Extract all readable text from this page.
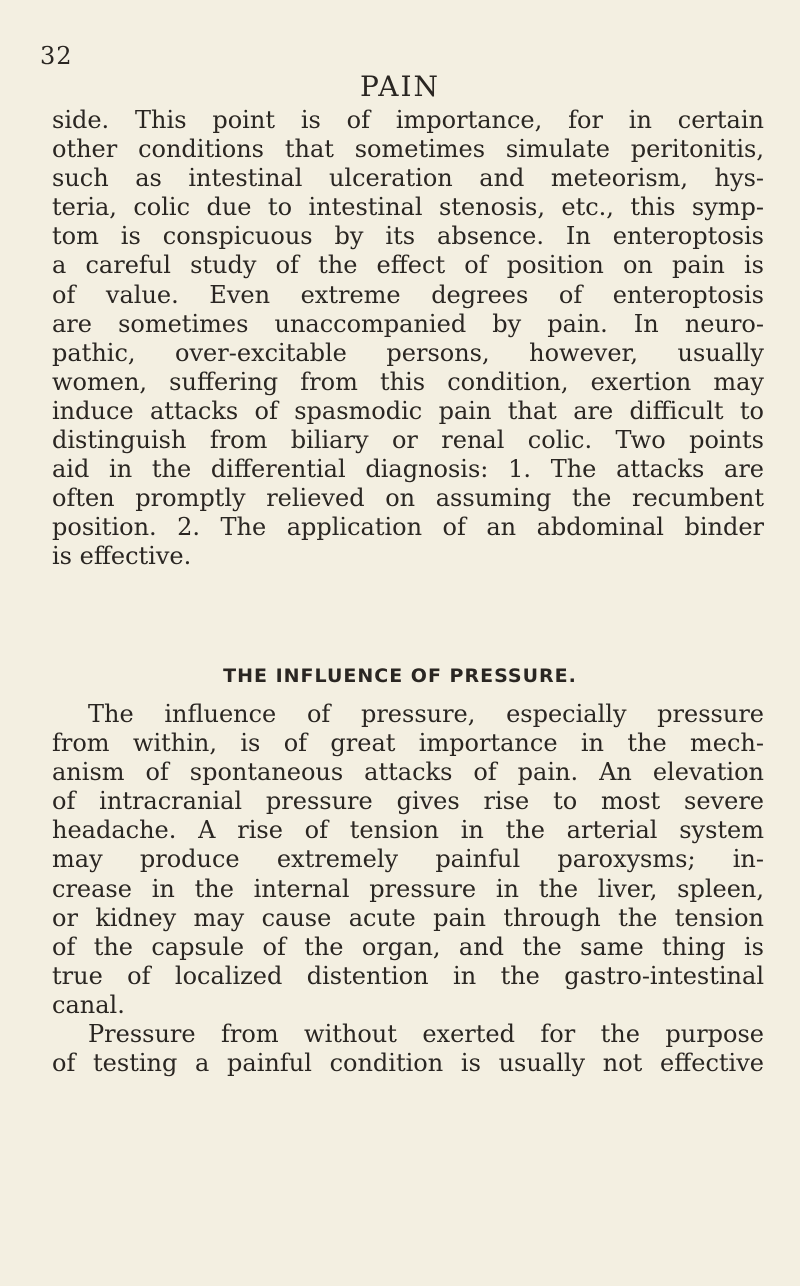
32
PAIN
side. This point is of importance, for in certain
other conditions that sometimes simulate peritonitis,
such as intestinal ulceration and meteorism, hys-
teria, colic due to intestinal stenosis, etc., this symp-
tom is conspicuous by its absence. In enteroptosis
a careful study of the effect of position on pain is
of value. Even extreme degrees of enteroptosis
are sometimes unaccompanied by pain. In neuro-
pathic, over-excitable persons, however, usually
women, suffering from this condition, exertion may
induce attacks of spasmodic pain that are difficult to
distinguish from biliary or renal colic. Two points
aid in the differential diagnosis: 1. The attacks are
often promptly relieved on assuming the recumbent
position. 2. The application of an abdominal binder
is effective.
THE INFLUENCE OF PRESSURE.
The influence of pressure, especially pressure
from within, is of great importance in the mech-
anism of spontaneous attacks of pain. An elevation
of intracranial pressure gives rise to most severe
headache. A rise of tension in the arterial system
may produce extremely painful paroxysms; in-
crease in the internal pressure in the liver, spleen,
or kidney may cause acute pain through the tension
of the capsule of the organ, and the same thing is
true of localized distention in the gastro-intestinal
canal.
Pressure from without exerted for the purpose
of testing a painful condition is usually not effective
